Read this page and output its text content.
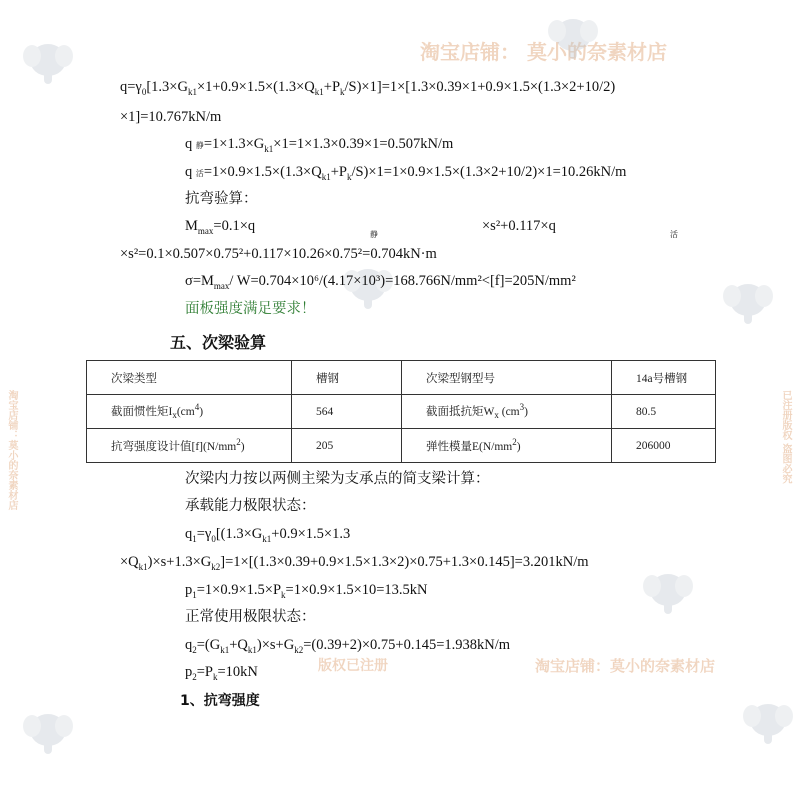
淘宝店铺： 莫小的奈素材店
版权已注册	淘宝店铺：莫小的奈素材店
淘宝店铺：莫小的奈素材店	已注册版权 盗图必究
$q=\gamma_0[1.3\times G_{k1}\times 1+0.9\times 1.5\times(1.3\times Q_{k1}+P_k/S)\times 1]=1\times[1.3\times 0.39\times 1+0.9\times 1.5\times(1.3\times 2+10/2)$
×1]=10.767kN/m
q 静$=1\times 1.3\times G_{k1}\times 1=1\times 1.3\times 0.39\times 1=0.507kN/m$
q 活$=1\times 0.9\times 1.5\times(1.3\times Q_{k1}+P_k/S)\times 1=1\times 0.9\times 1.5\times(1.3\times 2+10/2)\times 1=10.26kN/m$
抗弯验算：
$M_{max}=0.1\times q$
静
×s²+0.117×q
活
×s²=0.1×0.507×0.75²+0.117×10.26×0.75²=0.704kN·m
$\sigma=M_{max}/$ W=0.704×10⁶/(4.17×10³)=168.766N/mm²<[f]=205N/mm²
面板强度满足要求！
五、次梁验算
次梁类型	槽钢	次梁型钢型号	14a号槽钢
截面惯性矩$I_x(cm^4)$	564	截面抵抗矩$W_x$ $(cm^3)$	80.5
抗弯强度设计值$[f](N/mm^2)$	205	弹性模量$E(N/mm^2)$	206000
次梁内力按以两侧主梁为支承点的简支梁计算：
承载能力极限状态：
$q_1=\gamma_0[(1.3\times G_{k1}+0.9\times 1.5\times 1.3$
$\times Q_{k1})\times s+1.3\times G_{k2}]=1\times[(1.3\times 0.39+0.9\times 1.5\times 1.3\times 2)\times 0.75+1.3\times 0.145]=3.201kN/m$
$p_1=1\times 0.9\times 1.5\times P_k=1\times 0.9\times 1.5\times 10=13.5kN$
正常使用极限状态：
$q_2=(G_{k1}+Q_{k1})\times s+G_{k2}=(0.39+2)\times 0.75+0.145=1.938kN/m$
$p_2=P_k=10kN$
1、抗弯强度
